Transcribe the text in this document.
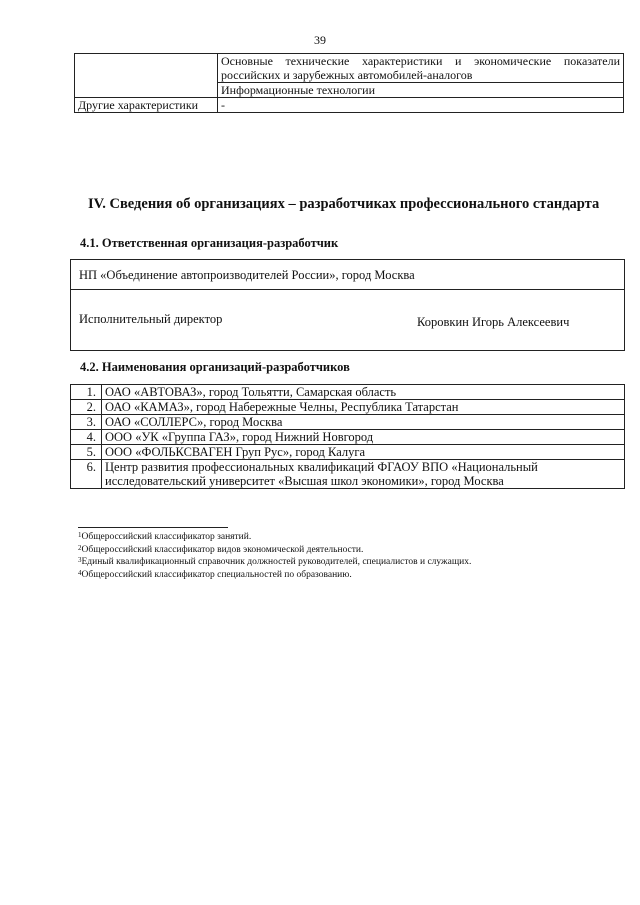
39
	Основные технические характеристики и экономические показатели российских и зарубежных автомобилей-аналогов
	Информационные технологии
Другие характеристики	-
IV. Сведения об организациях – разработчиках профессионального стандарта
4.1. Ответственная организация-разработчик
НП «Объединение автопроизводителей России», город Москва
Исполнительный директор	Коровкин Игорь Алексеевич
4.2. Наименования организаций-разработчиков
1.	ОАО «АВТОВАЗ», город Тольятти, Самарская область
2.	ОАО «КАМАЗ», город Набережные Челны, Республика Татарстан
3.	ОАО «СОЛЛЕРС», город Москва
4.	ООО «УК «Группа ГАЗ», город Нижний Новгород
5.	ООО «ФОЛЬКСВАГЕН Груп Рус», город Калуга
6.	Центр развития профессиональных квалификаций ФГАОУ ВПО «Национальный исследовательский университет «Высшая школ экономики», город Москва
$^1$Общероссийский классификатор занятий.
$^2$Общероссийский классификатор видов экономической деятельности.
$^3$Единый квалификационный справочник должностей руководителей, специалистов и служащих.
$^4$Общероссийский классификатор специальностей по образованию.
